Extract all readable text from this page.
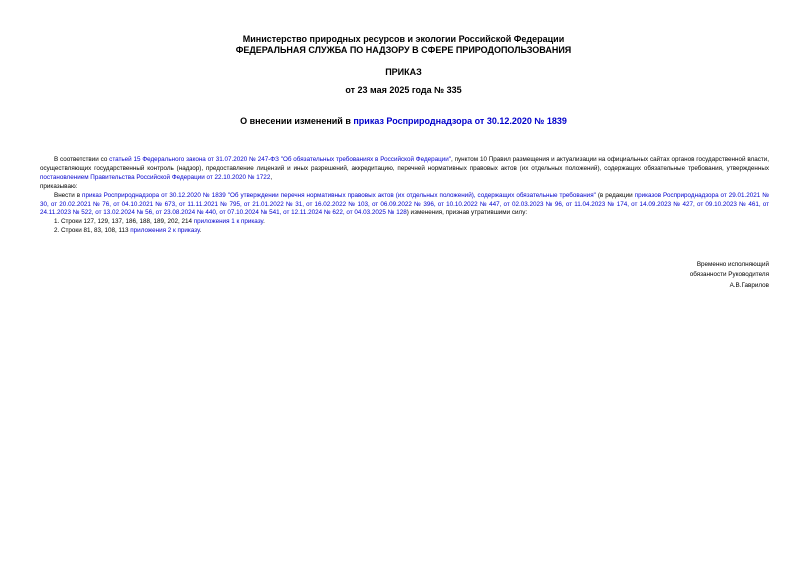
Министерство природных ресурсов и экологии Российской Федерации
ФЕДЕРАЛЬНАЯ СЛУЖБА ПО НАДЗОРУ В СФЕРЕ ПРИРОДОПОЛЬЗОВАНИЯ
ПРИКАЗ
от 23 мая 2025 года № 335
О внесении изменений в приказ Росприроднадзора от 30.12.2020 № 1839

В соответствии со статьей 15 Федерального закона от 31.07.2020 № 247-ФЗ "Об обязательных требованиях в Российской Федерации", пунктом 10 Правил размещения и актуализации на официальных сайтах органов государственной власти, осуществляющих государственный контроль (надзор), предоставление лицензий и иных разрешений, аккредитацию, перечней нормативных правовых актов (их отдельных положений), содержащих обязательные требования, утвержденных постановлением Правительства Российской Федерации от 22.10.2020 № 1722,

приказываю:

Внести в приказ Росприроднадзора от 30.12.2020 № 1839 "Об утверждении перечня нормативных правовых актов (их отдельных положений), содержащих обязательные требования" (в редакции приказов Росприроднадзора от 29.01.2021 № 30, от 20.02.2021 № 76, от 04.10.2021 № 673, от 11.11.2021 № 795, от 21.01.2022 № 31, от 16.02.2022 № 103, от 06.09.2022 № 396, от 10.10.2022 № 447, от 02.03.2023 № 96, от 11.04.2023 № 174, от 14.09.2023 № 427, от 09.10.2023 № 461, от 24.11.2023 № 522, от 13.02.2024 № 56, от 23.08.2024 № 440, от 07.10.2024 № 541, от 12.11.2024 № 622, от 04.03.2025 № 128) изменения, признав утратившими силу:

1. Строки 127, 129, 137, 186, 188, 189, 202, 214 приложения 1 к приказу.

2. Строки 81, 83, 108, 113 приложения 2 к приказу.

Временно исполняющий
обязанности Руководителя
А.В.Гаврилов
